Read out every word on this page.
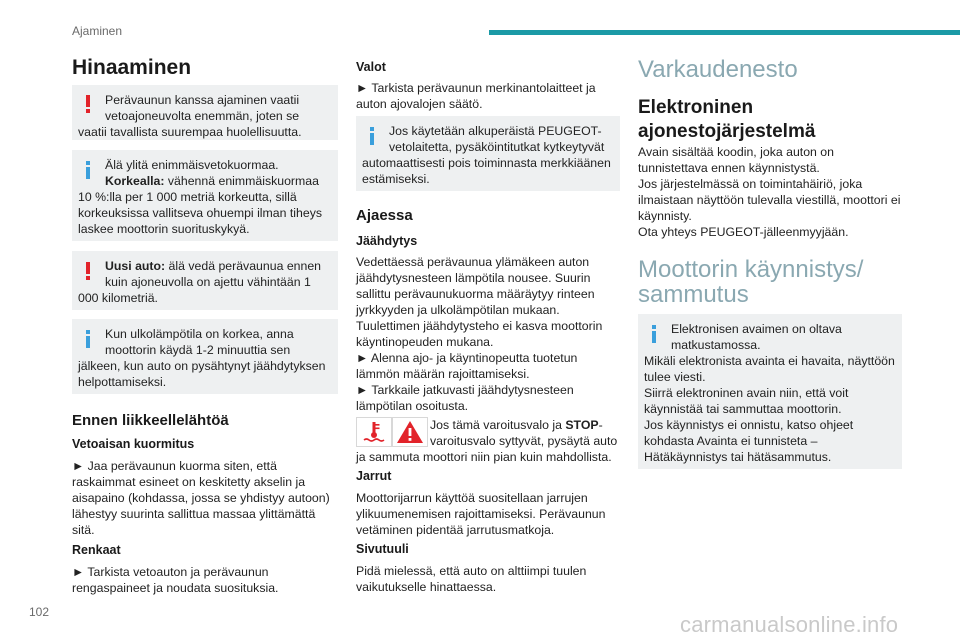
Ajaminen
102	carmanualsonline.info
Hinaaminen
Perävaunun kanssa ajaminen vaatii
vetoajoneuvolta enemmän, joten se
vaatii tavallista suurempaa huolellisuutta.
Älä ylitä enimmäisvetokuormaa.
Korkealla: vähennä enimmäiskuormaa
10 %:lla per 1 000 metriä korkeutta, sillä
korkeuksissa vallitseva ohuempi ilman tiheys
laskee moottorin suorituskykyä.
Uusi auto: älä vedä perävaunua ennen
kuin ajoneuvolla on ajettu vähintään 1
000 kilometriä.
Kun ulkolämpötila on korkea, anna
moottorin käydä 1-2 minuuttia sen
jälkeen, kun auto on pysähtynyt jäähdytyksen
helpottamiseksi.
Ennen liikkeellelähtöä
Vetoaisan kuormitus
► Jaa perävaunun kuorma siten, että
raskaimmat esineet on keskitetty akselin ja
aisapaino (kohdassa, jossa se yhdistyy autoon)
lähestyy suurinta sallittua massaa ylittämättä
sitä.
Renkaat
► Tarkista vetoauton ja perävaunun
rengaspaineet ja noudata suosituksia.
Valot
► Tarkista perävaunun merkinantolaitteet ja
auton ajovalojen säätö.
Jos käytetään alkuperäistä PEUGEOT-
vetolaitetta, pysäköintitutkat kytkeytyvät
automaattisesti pois toiminnasta merkkiäänen
estämiseksi.
Ajaessa
Jäähdytys
Vedettäessä perävaunua ylämäkeen auton
jäähdytysnesteen lämpötila nousee. Suurin
sallittu perävaunukuorma määräytyy rinteen
jyrkkyyden ja ulkolämpötilan mukaan.
Tuulettimen jäähdytysteho ei kasva moottorin
käyntinopeuden mukana.
► Alenna ajo- ja käyntinopeutta tuotetun
lämmön määrän rajoittamiseksi.
► Tarkkaile jatkuvasti jäähdytysnesteen
lämpötilan osoitusta.
Jos tämä varoitusvalo ja STOP-
varoitusvalo syttyvät, pysäytä auto
ja sammuta moottori niin pian kuin mahdollista.
Jarrut
Moottorijarrun käyttöä suositellaan jarrujen
ylikuumenemisen rajoittamiseksi. Perävaunun
vetäminen pidentää jarrutusmatkoja.
Sivutuuli
Pidä mielessä, että auto on alttiimpi tuulen
vaikutukselle hinattaessa.
Varkaudenesto
Elektroninen
ajonestojärjestelmä
Avain sisältää koodin, joka auton on
tunnistettava ennen käynnistystä.
Jos järjestelmässä on toimintahäiriö, joka
ilmaistaan näyttöön tulevalla viestillä, moottori ei
käynnisty.
Ota yhteys PEUGEOT-jälleenmyyjään.
Moottorin käynnistys/
sammutus
Elektronisen avaimen on oltava
matkustamossa.
Mikäli elektronista avainta ei havaita, näyttöön
tulee viesti.
Siirrä elektroninen avain niin, että voit
käynnistää tai sammuttaa moottorin.
Jos käynnistys ei onnistu, katso ohjeet
kohdasta Avainta ei tunnisteta –
Hätäkäynnistys tai hätäsammutus.
